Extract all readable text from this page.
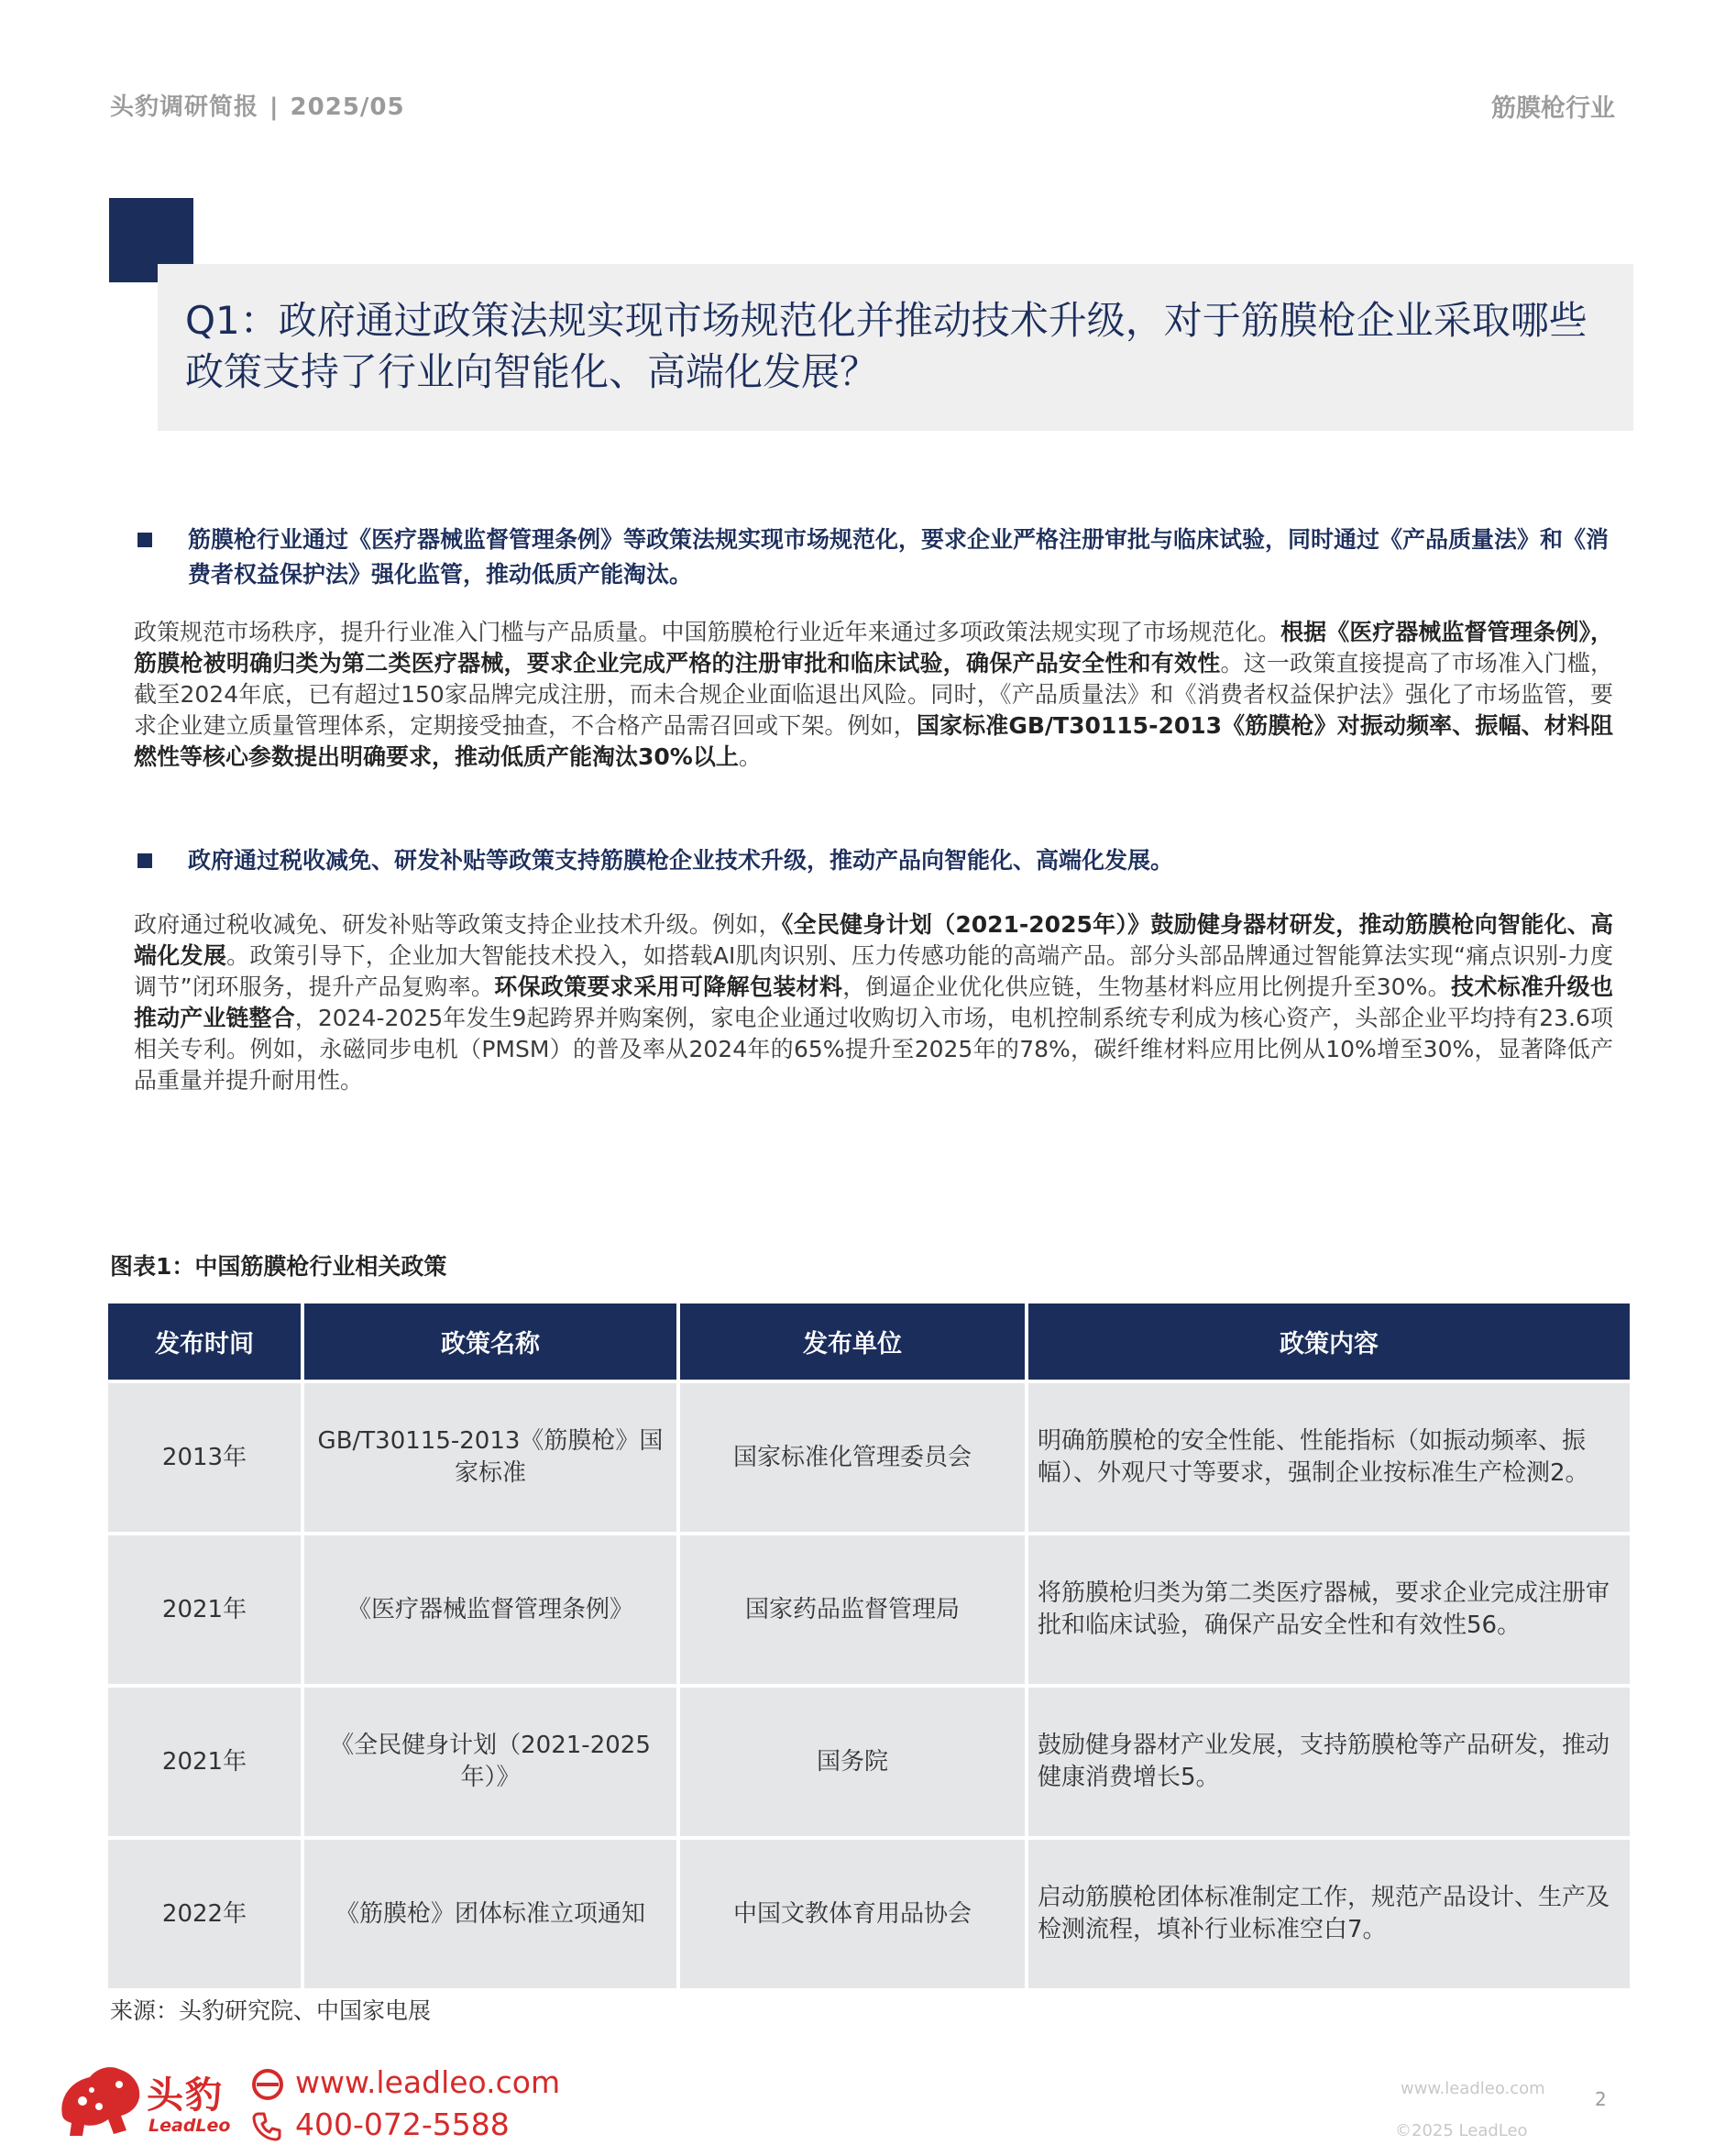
头豹调研简报 | 2025/05	筋膜枪行业
Q1：政府通过政策法规实现市场规范化并推动技术升级，对于筋膜枪企业采取哪些政策支持了行业向智能化、高端化发展？
筋膜枪行业通过《医疗器械监督管理条例》等政策法规实现市场规范化，要求企业严格注册审批与临床试验，同时通过《产品质量法》和《消费者权益保护法》强化监管，推动低质产能淘汰。
政策规范市场秩序，提升行业准入门槛与产品质量。中国筋膜枪行业近年来通过多项政策法规实现了市场规范化。根据《医疗器械监督管理条例》，筋膜枪被明确归类为第二类医疗器械，要求企业完成严格的注册审批和临床试验，确保产品安全性和有效性。这一政策直接提高了市场准入门槛，截至2024年底，已有超过150家品牌完成注册，而未合规企业面临退出风险。同时，《产品质量法》和《消费者权益保护法》强化了市场监管，要求企业建立质量管理体系，定期接受抽查，不合格产品需召回或下架。例如，国家标准GB/T30115-2013《筋膜枪》对振动频率、振幅、材料阻燃性等核心参数提出明确要求，推动低质产能淘汰30%以上。
政府通过税收减免、研发补贴等政策支持筋膜枪企业技术升级，推动产品向智能化、高端化发展。
政府通过税收减免、研发补贴等政策支持企业技术升级。例如，《全民健身计划（2021-2025年）》鼓励健身器材研发，推动筋膜枪向智能化、高端化发展。政策引导下，企业加大智能技术投入，如搭载AI肌肉识别、压力传感功能的高端产品。部分头部品牌通过智能算法实现“痛点识别-力度调节”闭环服务，提升产品复购率。环保政策要求采用可降解包装材料，倒逼企业优化供应链，生物基材料应用比例提升至30%。技术标准升级也推动产业链整合，2024-2025年发生9起跨界并购案例，家电企业通过收购切入市场，电机控制系统专利成为核心资产，头部企业平均持有23.6项相关专利。例如，永磁同步电机（PMSM）的普及率从2024年的65%提升至2025年的78%，碳纤维材料应用比例从10%增至30%，显著降低产品重量并提升耐用性。
图表1：中国筋膜枪行业相关政策
发布时间	政策名称	发布单位	政策内容
2013年	GB/T30115-2013《筋膜枪》国家标准	国家标准化管理委员会	明确筋膜枪的安全性能、性能指标（如振动频率、振幅）、外观尺寸等要求，强制企业按标准生产检测2。
2021年	《医疗器械监督管理条例》	国家药品监督管理局	将筋膜枪归类为第二类医疗器械，要求企业完成注册审批和临床试验，确保产品安全性和有效性56。
2021年	《全民健身计划（2021-2025年）》	国务院	鼓励健身器材产业发展，支持筋膜枪等产品研发，推动健康消费增长5。
2022年	《筋膜枪》团体标准立项通知	中国文教体育用品协会	启动筋膜枪团体标准制定工作，规范产品设计、生产及检测流程，填补行业标准空白7。
来源：头豹研究院、中国家电展
头豹
LeadLeo
www.leadleo.com
400-072-5588
www.leadleo.com
©2025 LeadLeo
2
